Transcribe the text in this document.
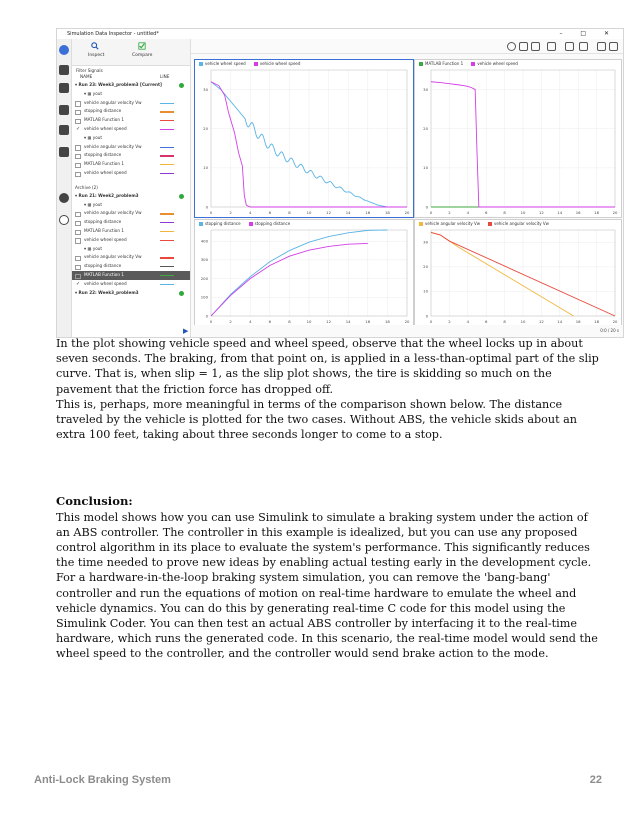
Simulation Data Inspector - untitled*	– □ ✕
Inspect	Compare
Filter Signals
NAME	LINE
▾ Run 23: Week3_problem3 [Current]
▾ ▦ yout
vehicle angular velocity Vw
stopping distance
MATLAB Function 1
✓ vehicle wheel speed
▾ ▦ yout
vehicle angular velocity Vw
stopping distance
MATLAB Function 1
vehicle wheel speed
Archive (2)
▾ Run 21: Week2_problem3
▾ ▦ yout
vehicle angular velocity Vw
stopping distance
MATLAB Function 1
vehicle wheel speed
▾ ▦ yout
vehicle angular velocity Vw
stopping distance
MATLAB Function 1
✓ vehicle wheel speed
▾ Run 22: Week3_problem3
vehicle wheel speed	vehicle wheel speed
0	2	4	6	8	10	12	14	16	18	20
0
10
20
30
MATLAB Function 1	vehicle wheel speed
0	2	4	6	8	10	12	14	16	18	20
0
10
20
30
stopping distance	stopping distance
0	2	4	6	8	10	12	14	16	18	20
0
100
200
300
400
vehicle angular velocity Vw	vehicle angular velocity Vw
0	2	4	6	8	10	12	14	16	18	20
0
10
20
30
▶	0:0 / 20 s

In the plot showing vehicle speed and wheel speed, observe that the wheel locks up in about seven seconds. The braking, from that point on, is applied in a less-than-optimal part of the slip curve. That is, when slip = 1, as the slip plot shows, the tire is skidding so much on the pavement that the friction force has dropped off.

This is, perhaps, more meaningful in terms of the comparison shown below. The distance traveled by the vehicle is plotted for the two cases. Without ABS, the vehicle skids about an extra 100 feet, taking about three seconds longer to come to a stop.

Conclusion:

This model shows how you can use Simulink to simulate a braking system under the action of an ABS controller. The controller in this example is idealized, but you can use any proposed control algorithm in its place to evaluate the system's performance. This significantly reduces the time needed to prove new ideas by enabling actual testing early in the development cycle.

For a hardware-in-the-loop braking system simulation, you can remove the 'bang-bang' controller and run the equations of motion on real-time hardware to emulate the wheel and vehicle dynamics. You can do this by generating real-time C code for this model using the Simulink Coder. You can then test an actual ABS controller by interfacing it to the real-time hardware, which runs the generated code. In this scenario, the real-time model would send the wheel speed to the controller, and the controller would send brake action to the mode.

Anti-Lock Braking System	22
